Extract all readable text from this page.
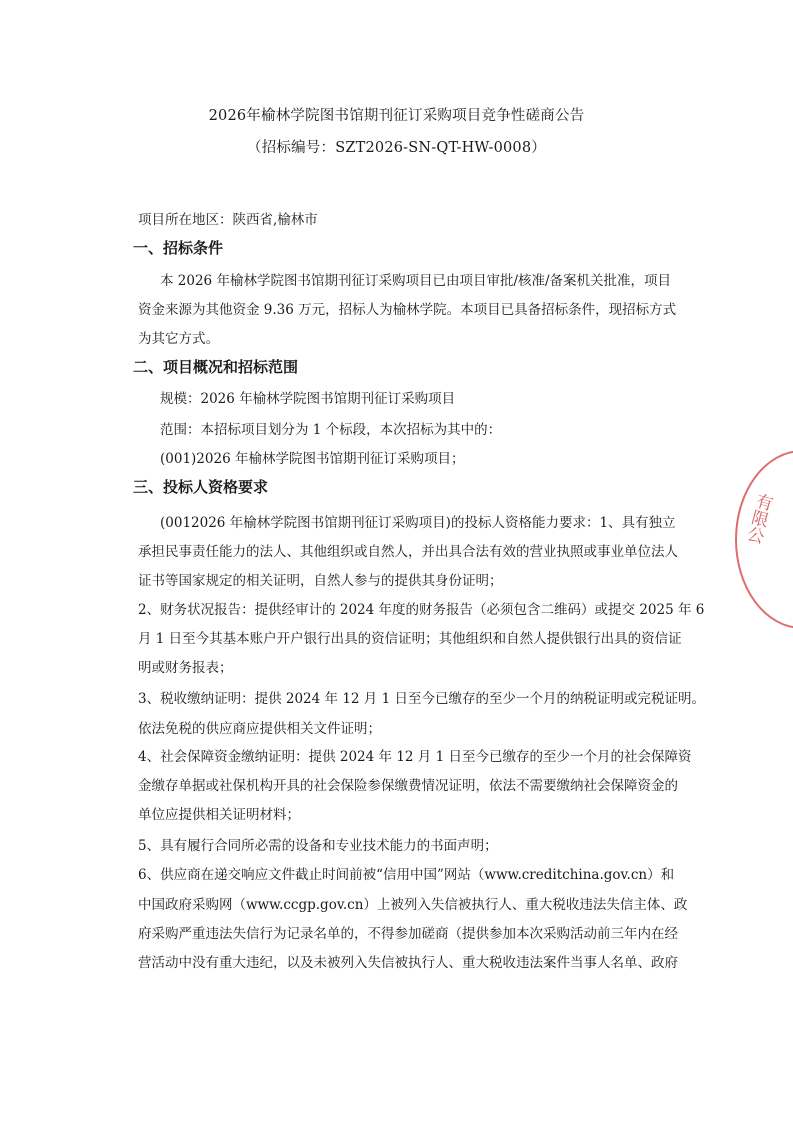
2026年榆林学院图书馆期刊征订采购项目竞争性磋商公告
（招标编号：SZT2026-SN-QT-HW-0008）
项目所在地区：陕西省,榆林市
一、招标条件
本 2026 年榆林学院图书馆期刊征订采购项目已由项目审批/核准/备案机关批准，项目
资金来源为其他资金 9.36 万元，招标人为榆林学院。本项目已具备招标条件，现招标方式
为其它方式。
二、项目概况和招标范围
规模：2026 年榆林学院图书馆期刊征订采购项目
范围：本招标项目划分为 1 个标段，本次招标为其中的：
(001)2026 年榆林学院图书馆期刊征订采购项目；
三、投标人资格要求
(0012026 年榆林学院图书馆期刊征订采购项目)的投标人资格能力要求：1、具有独立
承担民事责任能力的法人、其他组织或自然人，并出具合法有效的营业执照或事业单位法人
证书等国家规定的相关证明，自然人参与的提供其身份证明；
2、财务状况报告：提供经审计的 2024 年度的财务报告（必须包含二维码）或提交 2025 年 6
月 1 日至今其基本账户开户银行出具的资信证明；其他组织和自然人提供银行出具的资信证
明或财务报表；
3、税收缴纳证明：提供 2024 年 12 月 1 日至今已缴存的至少一个月的纳税证明或完税证明。
依法免税的供应商应提供相关文件证明；
4、社会保障资金缴纳证明：提供 2024 年 12 月 1 日至今已缴存的至少一个月的社会保障资
金缴存单据或社保机构开具的社会保险参保缴费情况证明，依法不需要缴纳社会保障资金的
单位应提供相关证明材料；
5、具有履行合同所必需的设备和专业技术能力的书面声明；
6、供应商在递交响应文件截止时间前被“信用中国”网站（www.creditchina.gov.cn）和
中国政府采购网（www.ccgp.gov.cn）上被列入失信被执行人、重大税收违法失信主体、政
府采购严重违法失信行为记录名单的，不得参加磋商（提供参加本次采购活动前三年内在经
营活动中没有重大违纪，以及未被列入失信被执行人、重大税收违法案件当事人名单、政府
有限公
